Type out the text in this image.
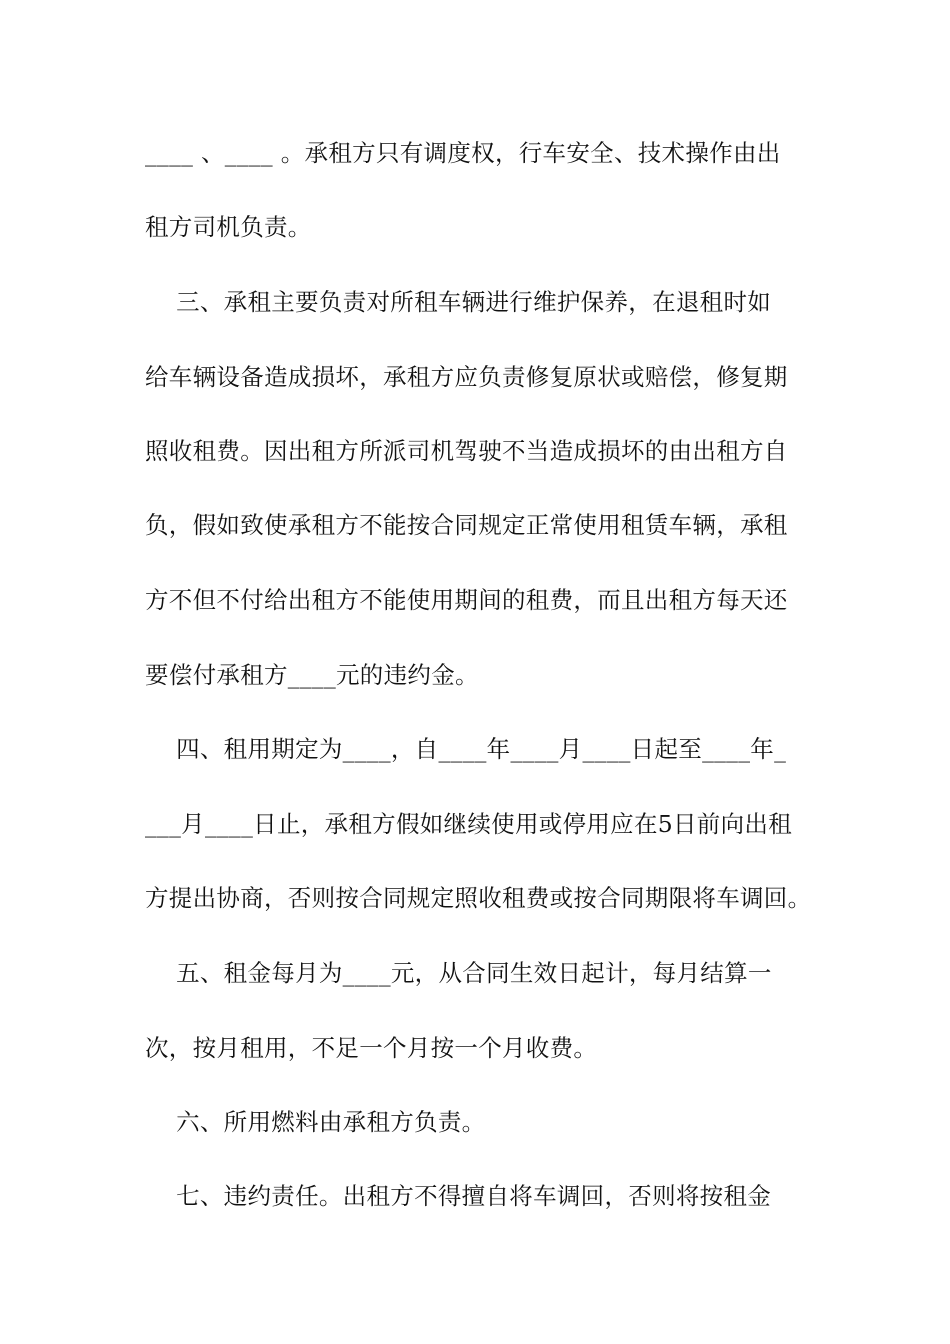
____ 、____ 。承租方只有调度权，行车安全、技术操作由出
租方司机负责。
三、承租主要负责对所租车辆进行维护保养，在退租时如
给车辆设备造成损坏，承租方应负责修复原状或赔偿，修复期
照收租费。因出租方所派司机驾驶不当造成损坏的由出租方自
负，假如致使承租方不能按合同规定正常使用租赁车辆，承租
方不但不付给出租方不能使用期间的租费，而且出租方每天还
要偿付承租方____元的违约金。
四、租用期定为____，自____年____月____日起至____年_
___月____日止，承租方假如继续使用或停用应在5日前向出租
方提出协商，否则按合同规定照收租费或按合同期限将车调回。
五、租金每月为____元，从合同生效日起计，每月结算一
次，按月租用，不足一个月按一个月收费。
六、所用燃料由承租方负责。
七、违约责任。出租方不得擅自将车调回，否则将按租金
